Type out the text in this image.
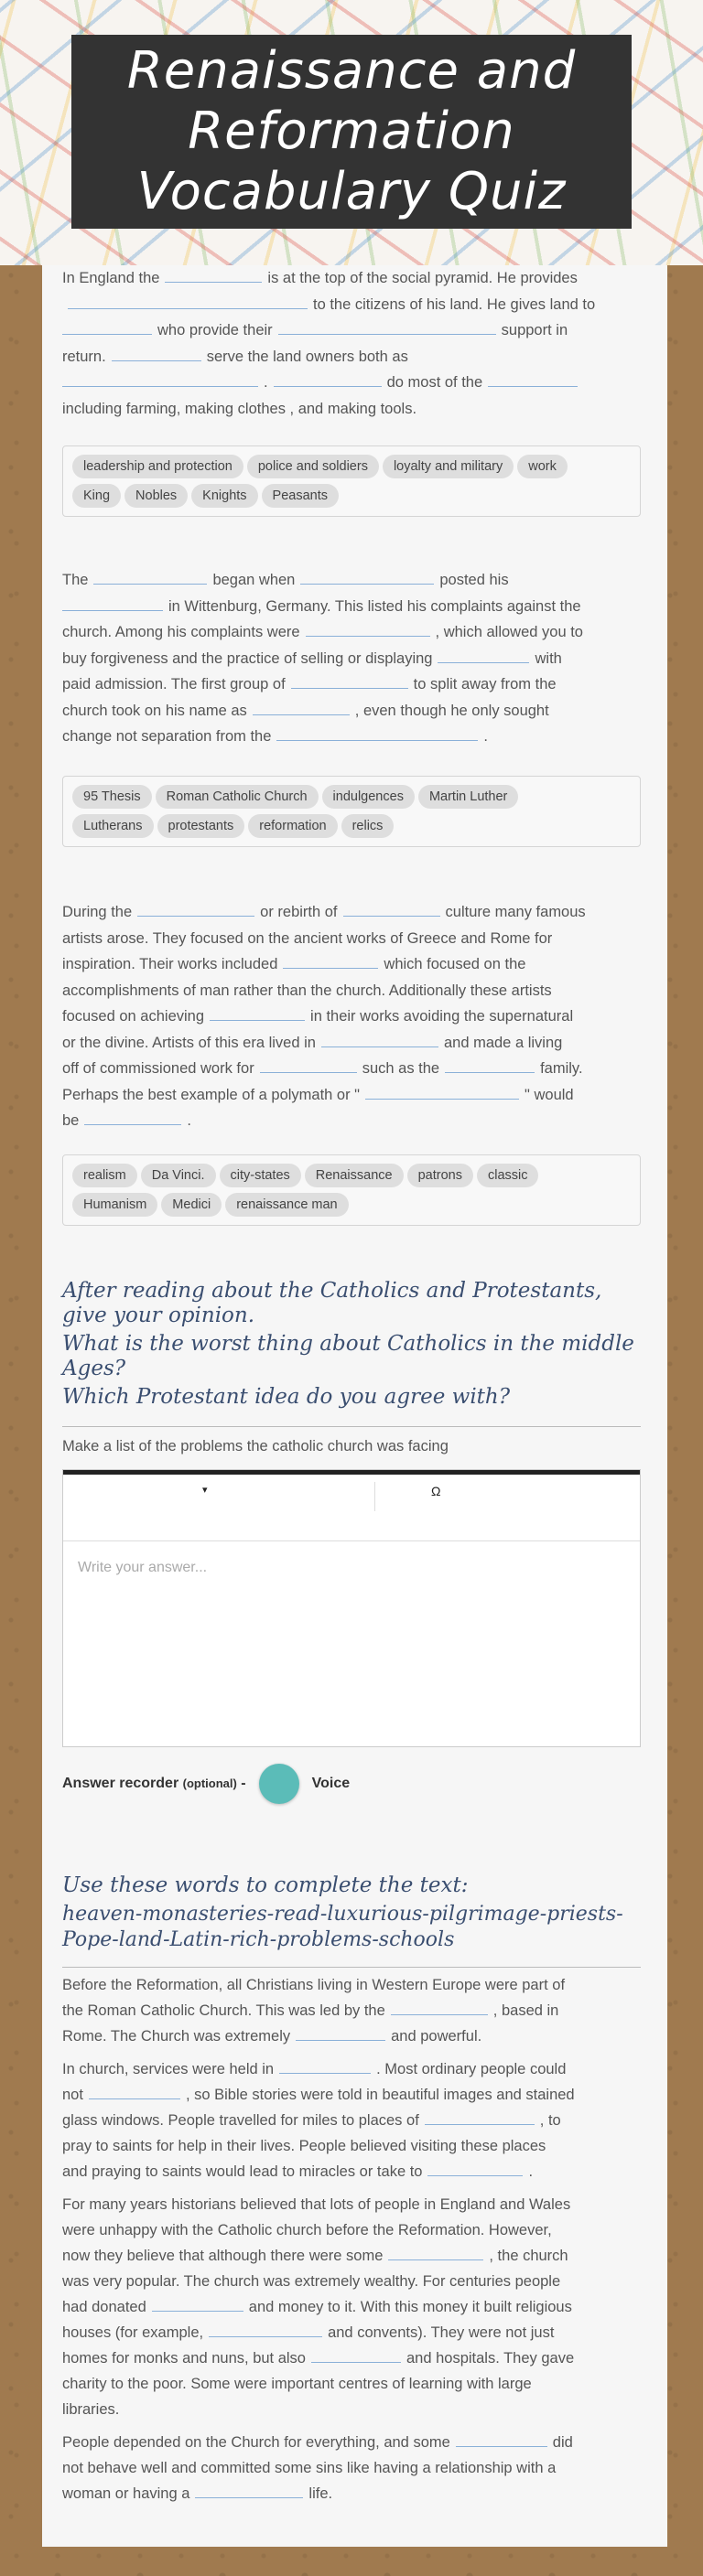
Renaissance and Reformation Vocabulary Quiz
In England the	is at the top of the social pyramid. He provides
to the citizens of his land. He gives land to
who provide their	support in
return.	serve the land owners both as
.	do most of the
including farming, making clothes , and making tools.
leadership and protection police and soldiers loyalty and military work
King Nobles Knights Peasants
The	began when	posted his
in Wittenburg, Germany. This listed his complaints against the
church. Among his complaints were	, which allowed you to
buy forgiveness and the practice of selling or displaying	with
paid admission. The first group of	to split away from the
church took on his name as	, even though he only sought
change not separation from the	.
95 Thesis Roman Catholic Church indulgences Martin Luther
Lutherans protestants reformation relics
During the	or rebirth of	culture many famous
artists arose. They focused on the ancient works of Greece and Rome for
inspiration. Their works included	which focused on the
accomplishments of man rather than the church. Additionally these artists
focused on achieving	in their works avoiding the supernatural
or the divine. Artists of this era lived in	and made a living
off of commissioned work for	such as the	family.
Perhaps the best example of a polymath or "	" would
be	.
realism Da Vinci. city-states Renaissance patrons classic
Humanism Medici renaissance man
After reading about the Catholics and Protestants, give your opinion.
What is the worst thing about Catholics in the middle Ages?
Which Protestant idea do you agree with?
Make a list of the problems the catholic church was facing
▾	Ω
Write your answer...
Answer recorder (optional) -	Voice
Use these words to complete the text:
heaven-monasteries-read-luxurious-pilgrimage-priests-Pope-land-Latin-rich-problems-schools
Before the Reformation, all Christians living in Western Europe were part of
the Roman Catholic Church. This was led by the	, based in
Rome. The Church was extremely	and powerful.
In church, services were held in	. Most ordinary people could
not	, so Bible stories were told in beautiful images and stained
glass windows. People travelled for miles to places of	, to
pray to saints for help in their lives. People believed visiting these places
and praying to saints would lead to miracles or take to	.
For many years historians believed that lots of people in England and Wales
were unhappy with the Catholic church before the Reformation. However,
now they believe that although there were some	, the church
was very popular. The church was extremely wealthy. For centuries people
had donated	and money to it. With this money it built religious
houses (for example,	and convents). They were not just
homes for monks and nuns, but also	and hospitals. They gave
charity to the poor. Some were important centres of learning with large
libraries.
People depended on the Church for everything, and some	did
not behave well and committed some sins like having a relationship with a
woman or having a	life.
